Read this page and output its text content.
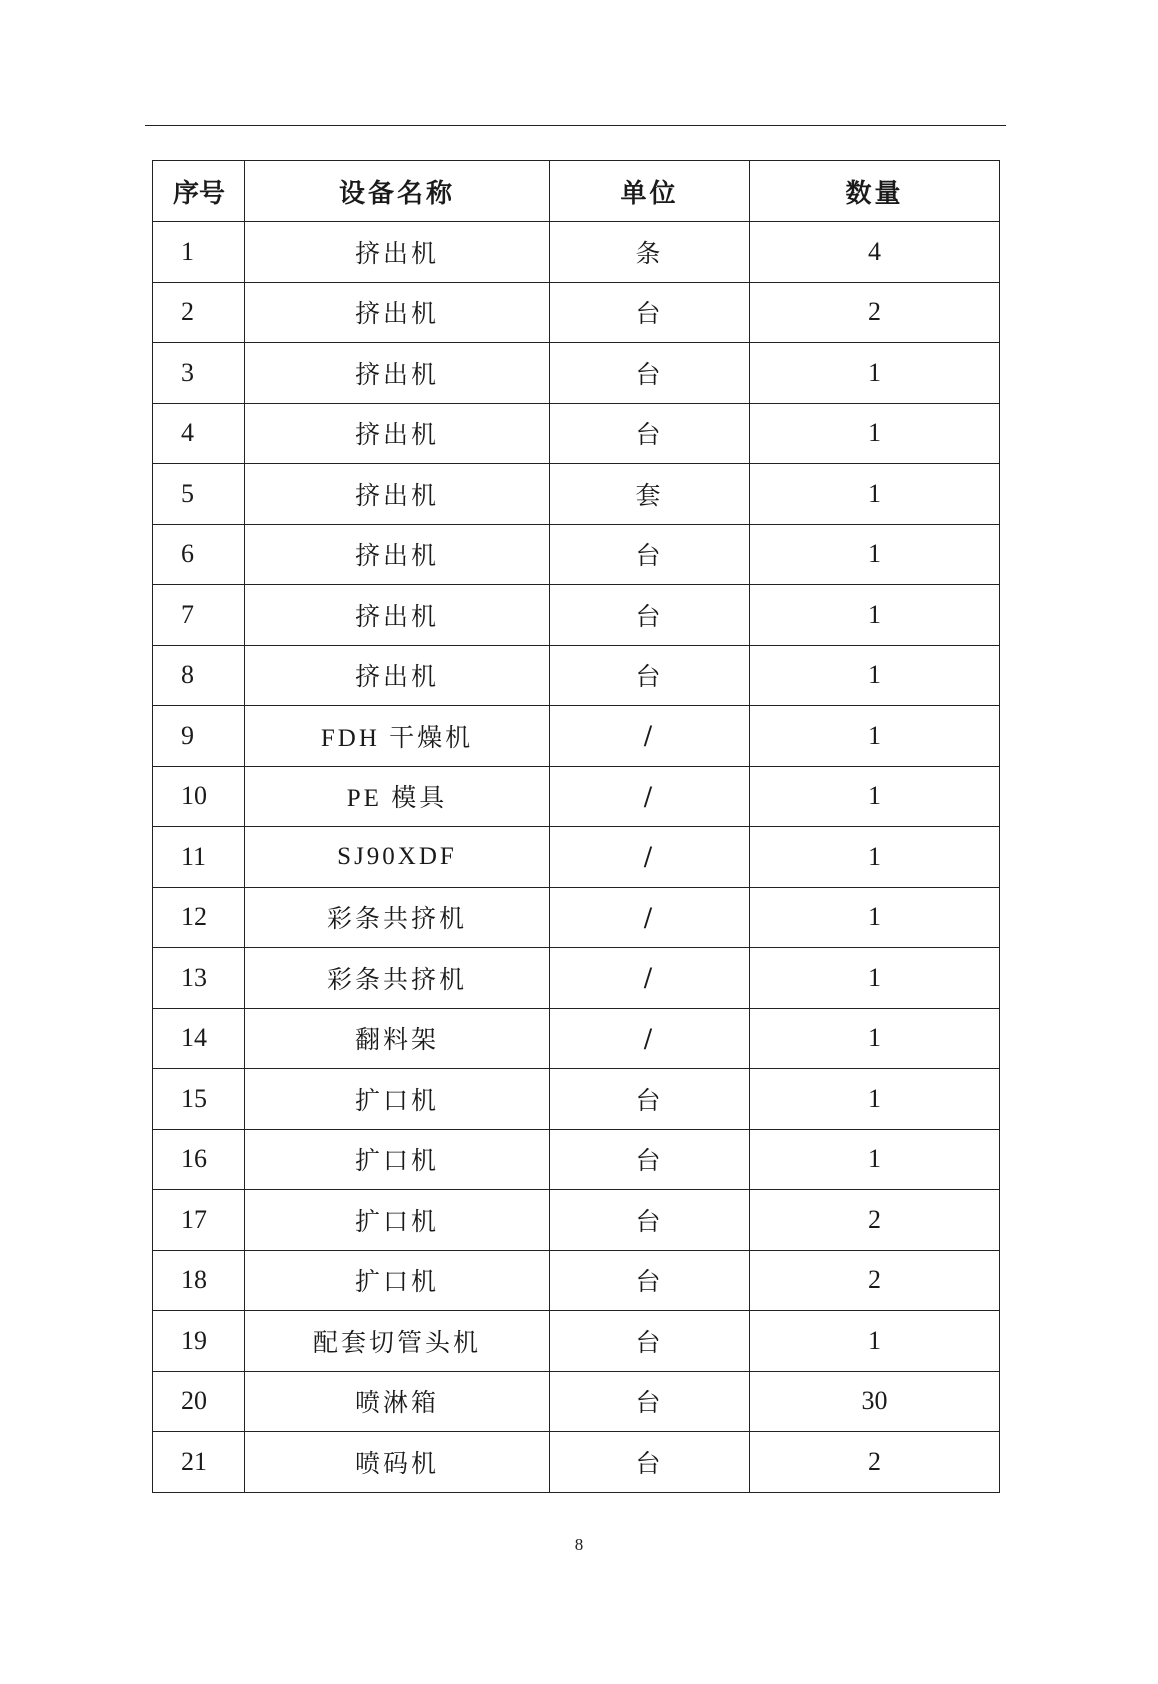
序号	设备名称	单位	数量
1	挤出机	条	4
2	挤出机	台	2
3	挤出机	台	1
4	挤出机	台	1
5	挤出机	套	1
6	挤出机	台	1
7	挤出机	台	1
8	挤出机	台	1
9	FDH 干燥机	/	1
10	PE 模具	/	1
11	SJ90XDF	/	1
12	彩条共挤机	/	1
13	彩条共挤机	/	1
14	翻料架	/	1
15	扩口机	台	1
16	扩口机	台	1
17	扩口机	台	2
18	扩口机	台	2
19	配套切管头机	台	1
20	喷淋箱	台	30
21	喷码机	台	2
8
